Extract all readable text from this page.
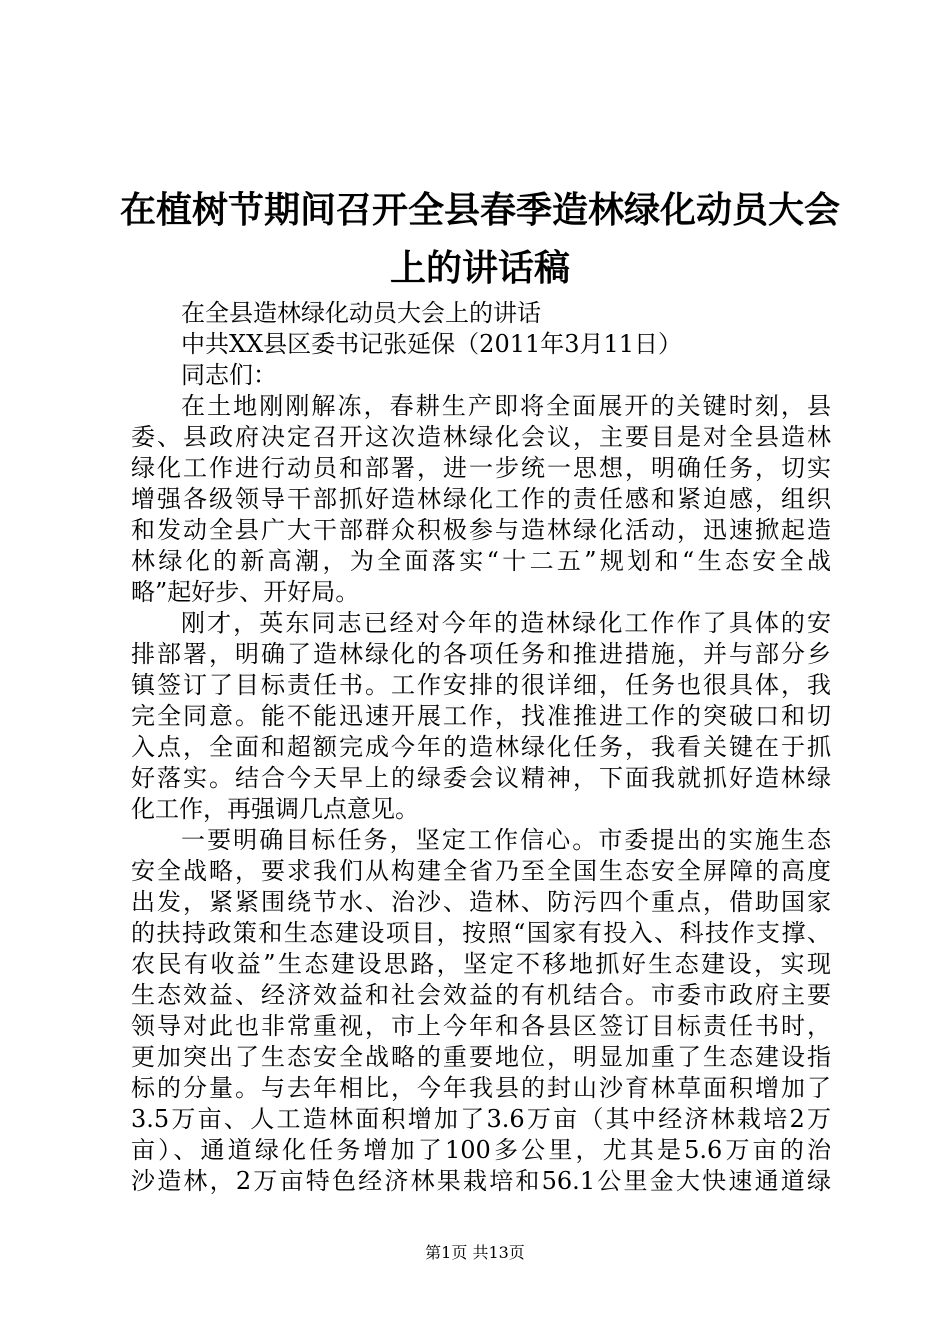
在植树节期间召开全县春季造林绿化动员大会
上的讲话稿
在全县造林绿化动员大会上的讲话
中共XX县区委书记张延保（2011年3月11日）
同志们：
在土地刚刚解冻，春耕生产即将全面展开的关键时刻，县
委、县政府决定召开这次造林绿化会议，主要目是对全县造林
绿化工作进行动员和部署，进一步统一思想，明确任务，切实
增强各级领导干部抓好造林绿化工作的责任感和紧迫感，组织
和发动全县广大干部群众积极参与造林绿化活动，迅速掀起造
林绿化的新高潮，为全面落实“十二五”规划和“生态安全战
略”起好步、开好局。
刚才，英东同志已经对今年的造林绿化工作作了具体的安
排部署，明确了造林绿化的各项任务和推进措施，并与部分乡
镇签订了目标责任书。工作安排的很详细，任务也很具体，我
完全同意。能不能迅速开展工作，找准推进工作的突破口和切
入点，全面和超额完成今年的造林绿化任务，我看关键在于抓
好落实。结合今天早上的绿委会议精神，下面我就抓好造林绿
化工作，再强调几点意见。
一要明确目标任务，坚定工作信心。市委提出的实施生态
安全战略，要求我们从构建全省乃至全国生态安全屏障的高度
出发，紧紧围绕节水、治沙、造林、防污四个重点，借助国家
的扶持政策和生态建设项目，按照“国家有投入、科技作支撑、
农民有收益”生态建设思路，坚定不移地抓好生态建设，实现
生态效益、经济效益和社会效益的有机结合。市委市政府主要
领导对此也非常重视，市上今年和各县区签订目标责任书时，
更加突出了生态安全战略的重要地位，明显加重了生态建设指
标的分量。与去年相比，今年我县的封山沙育林草面积增加了
3.5万亩、人工造林面积增加了3.6万亩（其中经济林栽培2万
亩）、通道绿化任务增加了100多公里，尤其是5.6万亩的治
沙造林，2万亩特色经济林果栽培和56.1公里金大快速通道绿
第1页 共13页
